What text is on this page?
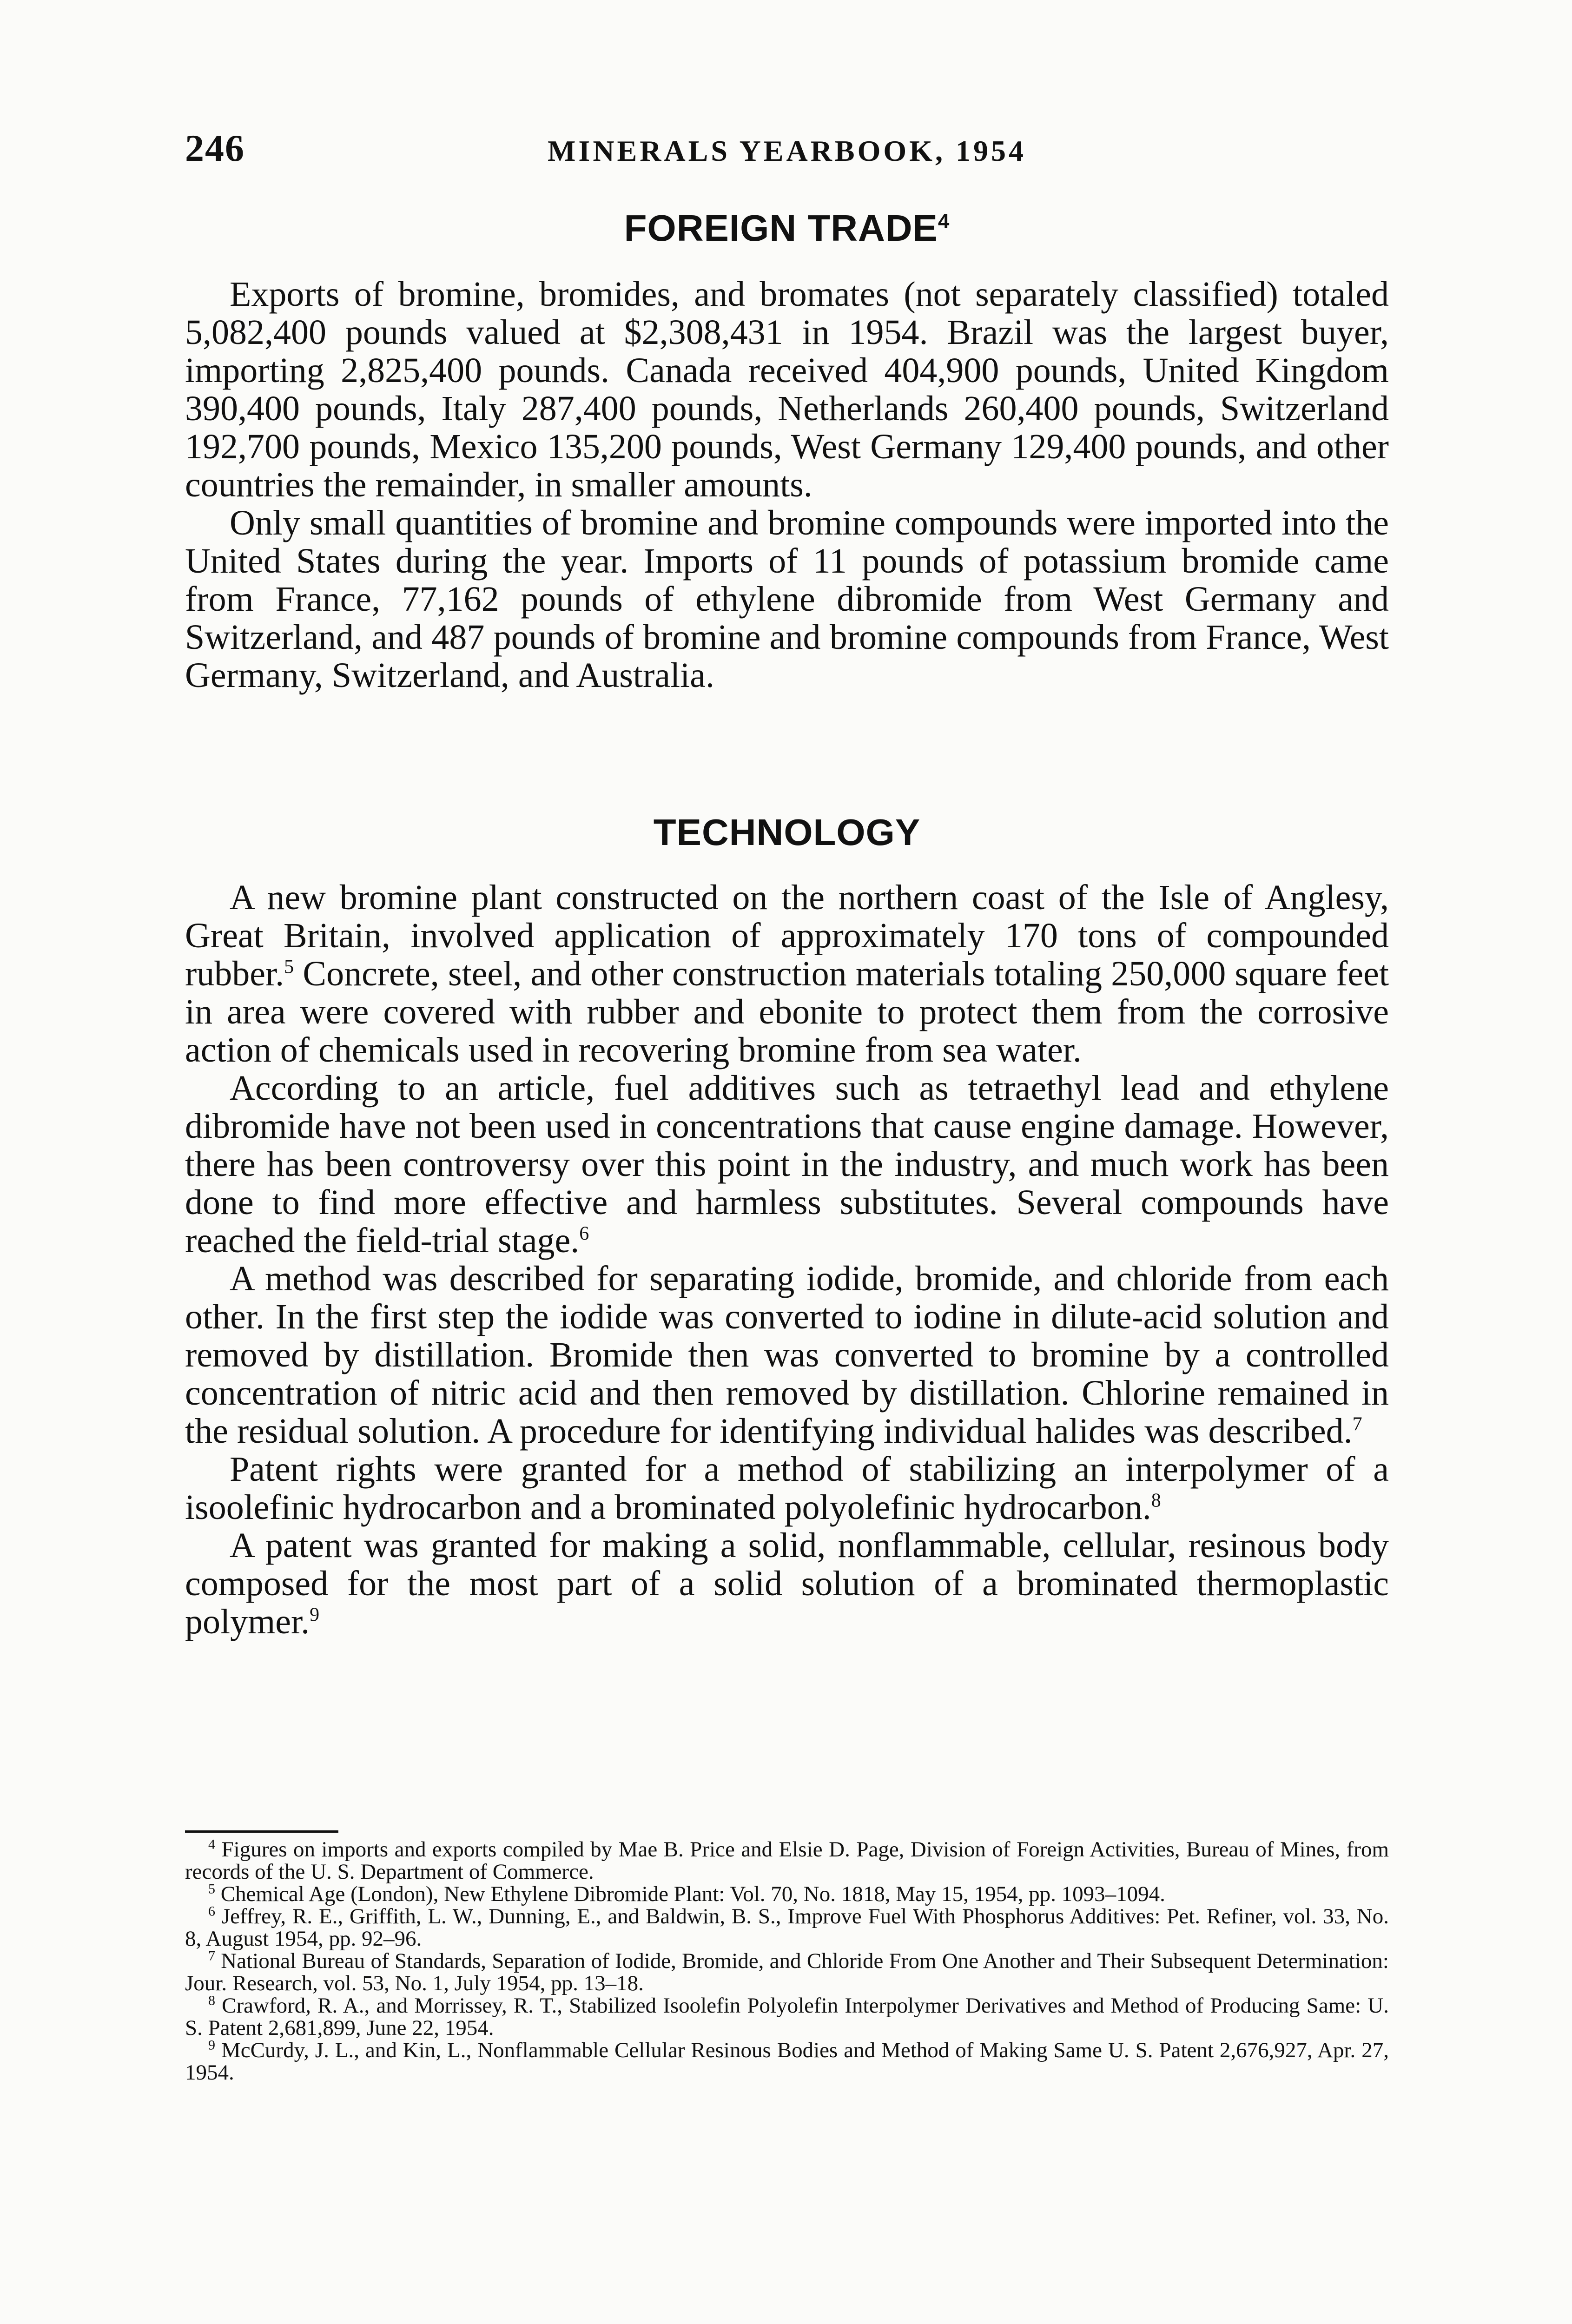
246	MINERALS YEARBOOK, 1954
FOREIGN TRADE$^4$

Exports of bromine, bromides, and bromates (not separately classified) totaled 5,082,400 pounds valued at $2,308,431 in 1954. Brazil was the largest buyer, importing 2,825,400 pounds. Canada received 404,900 pounds, United Kingdom 390,400 pounds, Italy 287,400 pounds, Netherlands 260,400 pounds, Switzerland 192,700 pounds, Mexico 135,200 pounds, West Germany 129,400 pounds, and other countries the remainder, in smaller amounts.

Only small quantities of bromine and bromine compounds were imported into the United States during the year. Imports of 11 pounds of potassium bromide came from France, 77,162 pounds of ethylene dibromide from West Germany and Switzerland, and 487 pounds of bromine and bromine compounds from France, West Germany, Switzerland, and Australia.

TECHNOLOGY

A new bromine plant constructed on the northern coast of the Isle of Anglesy, Great Britain, involved application of approximately 170 tons of compounded rubber.$^5$ Concrete, steel, and other construction materials totaling 250,000 square feet in area were covered with rubber and ebonite to protect them from the corrosive action of chemicals used in recovering bromine from sea water.

According to an article, fuel additives such as tetraethyl lead and ethylene dibromide have not been used in concentrations that cause engine damage. However, there has been controversy over this point in the industry, and much work has been done to find more effective and harmless substitutes. Several compounds have reached the field-trial stage.$^6$

A method was described for separating iodide, bromide, and chloride from each other. In the first step the iodide was converted to iodine in dilute-acid solution and removed by distillation. Bromide then was converted to bromine by a controlled concentration of nitric acid and then removed by distillation. Chlorine remained in the residual solution. A procedure for identifying individual halides was described.$^7$

Patent rights were granted for a method of stabilizing an interpolymer of a isoolefinic hydrocarbon and a brominated polyolefinic hydrocarbon.$^8$

A patent was granted for making a solid, nonflammable, cellular, resinous body composed for the most part of a solid solution of a brominated thermoplastic polymer.$^9$

$^4$ Figures on imports and exports compiled by Mae B. Price and Elsie D. Page, Division of Foreign Activities, Bureau of Mines, from records of the U. S. Department of Commerce.

$^5$ Chemical Age (London), New Ethylene Dibromide Plant: Vol. 70, No. 1818, May 15, 1954, pp. 1093–1094.

$^6$ Jeffrey, R. E., Griffith, L. W., Dunning, E., and Baldwin, B. S., Improve Fuel With Phosphorus Additives: Pet. Refiner, vol. 33, No. 8, August 1954, pp. 92–96.

$^7$ National Bureau of Standards, Separation of Iodide, Bromide, and Chloride From One Another and Their Subsequent Determination: Jour. Research, vol. 53, No. 1, July 1954, pp. 13–18.

$^8$ Crawford, R. A., and Morrissey, R. T., Stabilized Isoolefin Polyolefin Interpolymer Derivatives and Method of Producing Same: U. S. Patent 2,681,899, June 22, 1954.

$^9$ McCurdy, J. L., and Kin, L., Nonflammable Cellular Resinous Bodies and Method of Making Same U. S. Patent 2,676,927, Apr. 27, 1954.
